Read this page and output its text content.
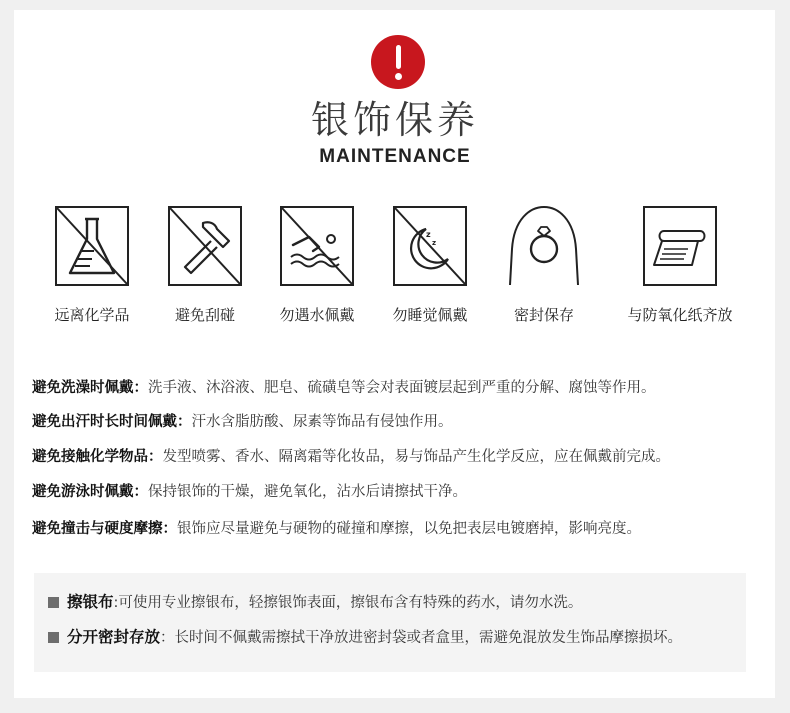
银饰保养
MAINTENANCE
远离化学品	避免刮碰	勿遇水佩戴
z
z
勿睡觉佩戴	密封保存	与防氧化纸齐放
避免洗澡时佩戴：洗手液、沐浴液、肥皂、硫磺皂等会对表面镀层起到严重的分解、腐蚀等作用。
避免出汗时长时间佩戴：汗水含脂肪酸、尿素等饰品有侵蚀作用。
避免接触化学物品：发型喷雾、香水、隔离霜等化妆品，易与饰品产生化学反应，应在佩戴前完成。
避免游泳时佩戴：保持银饰的干燥，避免氧化，沾水后请擦拭干净。
避免撞击与硬度摩擦：银饰应尽量避免与硬物的碰撞和摩擦，以免把表层电镀磨掉，影响亮度。
擦银布:可使用专业擦银布，轻擦银饰表面，擦银布含有特殊的药水，请勿水洗。
分开密封存放：长时间不佩戴需擦拭干净放进密封袋或者盒里，需避免混放发生饰品摩擦损坏。
